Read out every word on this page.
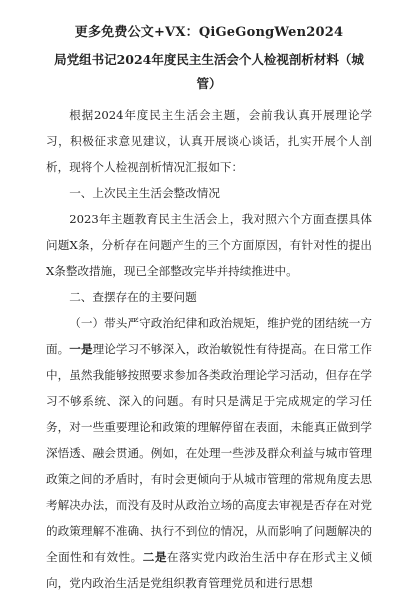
更多免费公文+VX：QiGeGongWen2024
局党组书记2024年度民主生活会个人检视剖析材料（城管）

根据2024年度民主生活会主题，会前我认真开展理论学习，积极征求意见建议，认真开展谈心谈话，扎实开展个人剖析，现将个人检视剖析情况汇报如下：

一、上次民主生活会整改情况

2023年主题教育民主生活会上，我对照六个方面查摆具体问题X条，分析存在问题产生的三个方面原因，有针对性的提出X条整改措施，现已全部整改完毕并持续推进中。

二、查摆存在的主要问题

（一）带头严守政治纪律和政治规矩，维护党的团结统一方面。一是理论学习不够深入，政治敏锐性有待提高。在日常工作中，虽然我能够按照要求参加各类政治理论学习活动，但存在学习不够系统、深入的问题。有时只是满足于完成规定的学习任务，对一些重要理论和政策的理解停留在表面，未能真正做到学深悟透、融会贯通。例如，在处理一些涉及群众利益与城市管理政策之间的矛盾时，有时会更倾向于从城市管理的常规角度去思考解决办法，而没有及时从政治立场的高度去审视是否存在对党的政策理解不准确、执行不到位的情况，从而影响了问题解决的全面性和有效性。二是在落实党内政治生活中存在形式主义倾向，党内政治生活是党组织教育管理党员和进行思想
